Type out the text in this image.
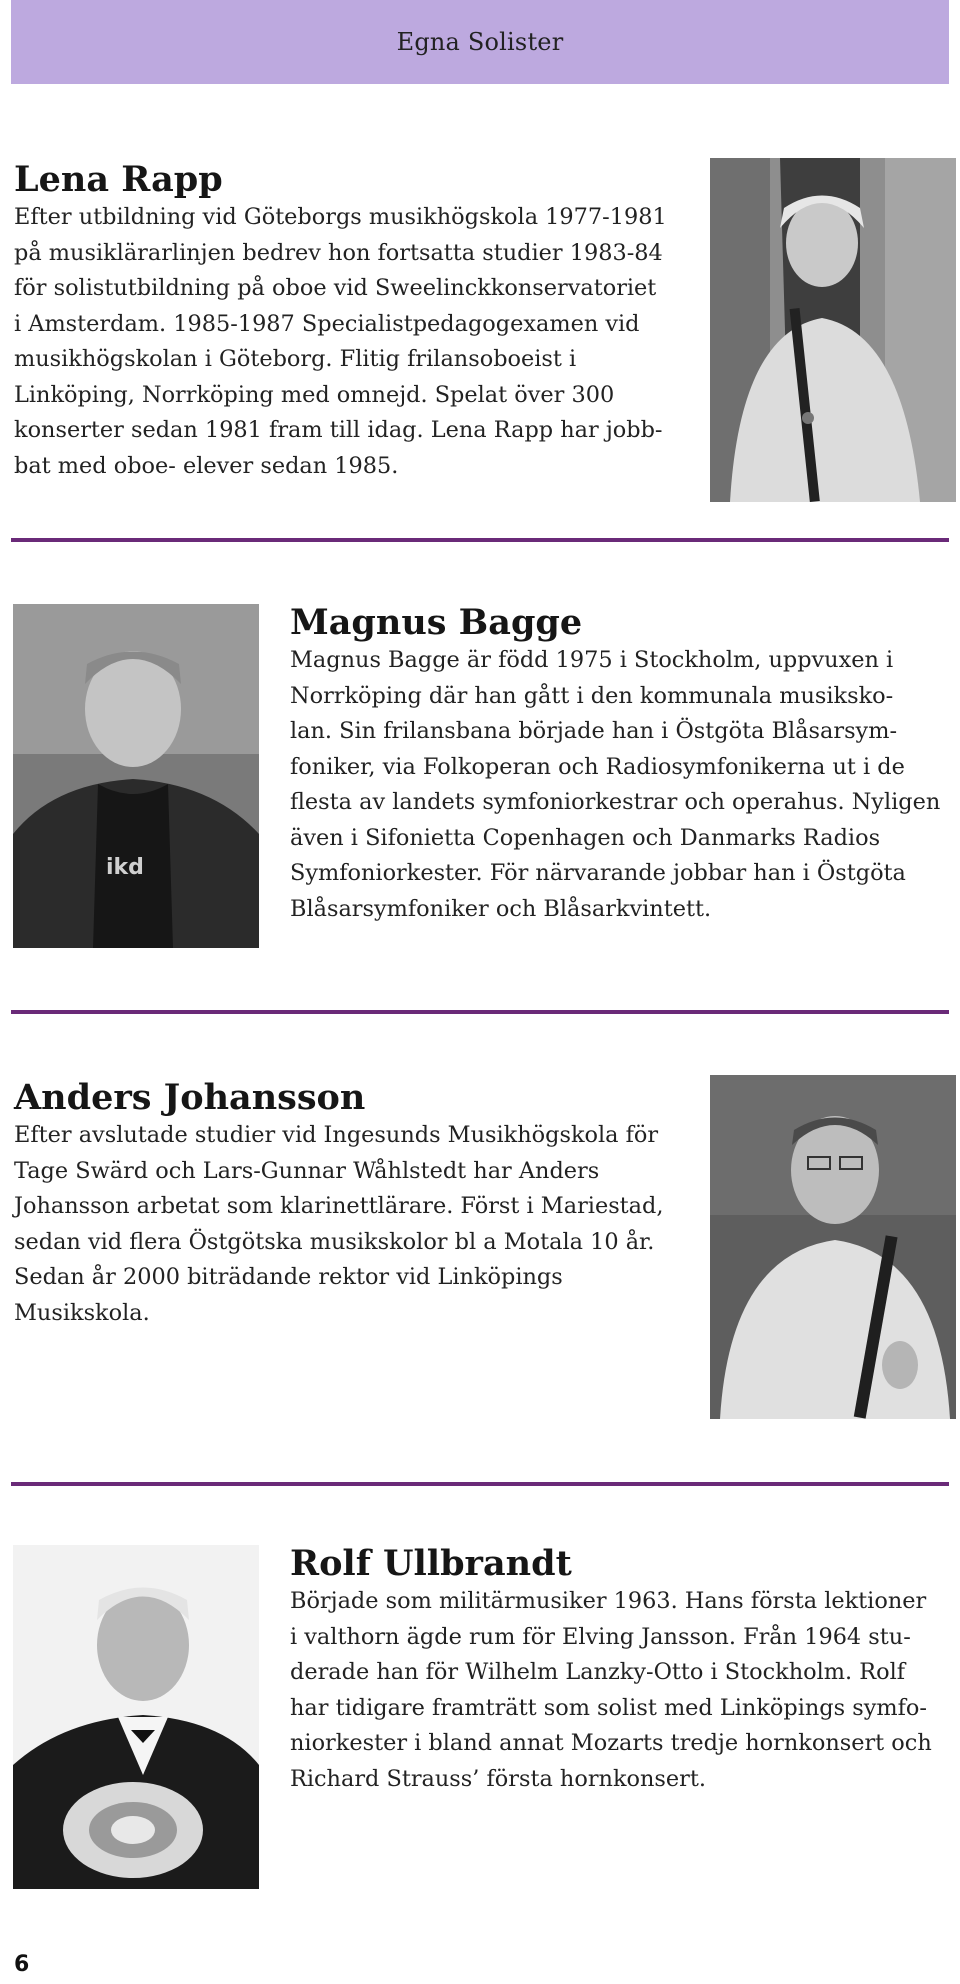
Egna Solister
Lena Rapp
Efter utbildning vid Göteborgs musikhögskola 1977-1981
på musiklärarlinjen bedrev hon fortsatta studier 1983-84
för solistutbildning på oboe vid Sweelinckkonservatoriet
i Amsterdam. 1985-1987 Specialistpedagogexamen vid
musikhögskolan i Göteborg. Flitig frilansoboeist i
Linköping, Norrköping med omnejd. Spelat över 300
konserter sedan 1981 fram till idag. Lena Rapp har jobb-
bat med oboe- elever sedan 1985.
ikd
Magnus Bagge
Magnus Bagge är född 1975 i Stockholm, uppvuxen i
Norrköping där han gått i den kommunala musiksko-
lan. Sin frilansbana började han i Östgöta Blåsarsym-
foniker, via Folkoperan och Radiosymfonikerna ut i de
flesta av landets symfoniorkestrar och operahus. Nyligen
även i Sifonietta Copenhagen och Danmarks Radios
Symfoniorkester. För närvarande jobbar han i Östgöta
Blåsarsymfoniker och Blåsarkvintett.
Anders Johansson
Efter avslutade studier vid Ingesunds Musikhögskola för
Tage Swärd och Lars-Gunnar Wåhlstedt har Anders
Johansson arbetat som klarinettlärare. Först i Mariestad,
sedan vid flera Östgötska musikskolor bl a Motala 10 år.
Sedan år 2000 biträdande rektor vid Linköpings
Musikskola.
Rolf Ullbrandt
Började som militärmusiker 1963. Hans första lektioner
i valthorn ägde rum för Elving Jansson. Från 1964 stu-
derade han för Wilhelm Lanzky-Otto i Stockholm. Rolf
har tidigare framträtt som solist med Linköpings symfo-
niorkester i bland annat Mozarts tredje hornkonsert och
Richard Strauss’ första hornkonsert.
6
